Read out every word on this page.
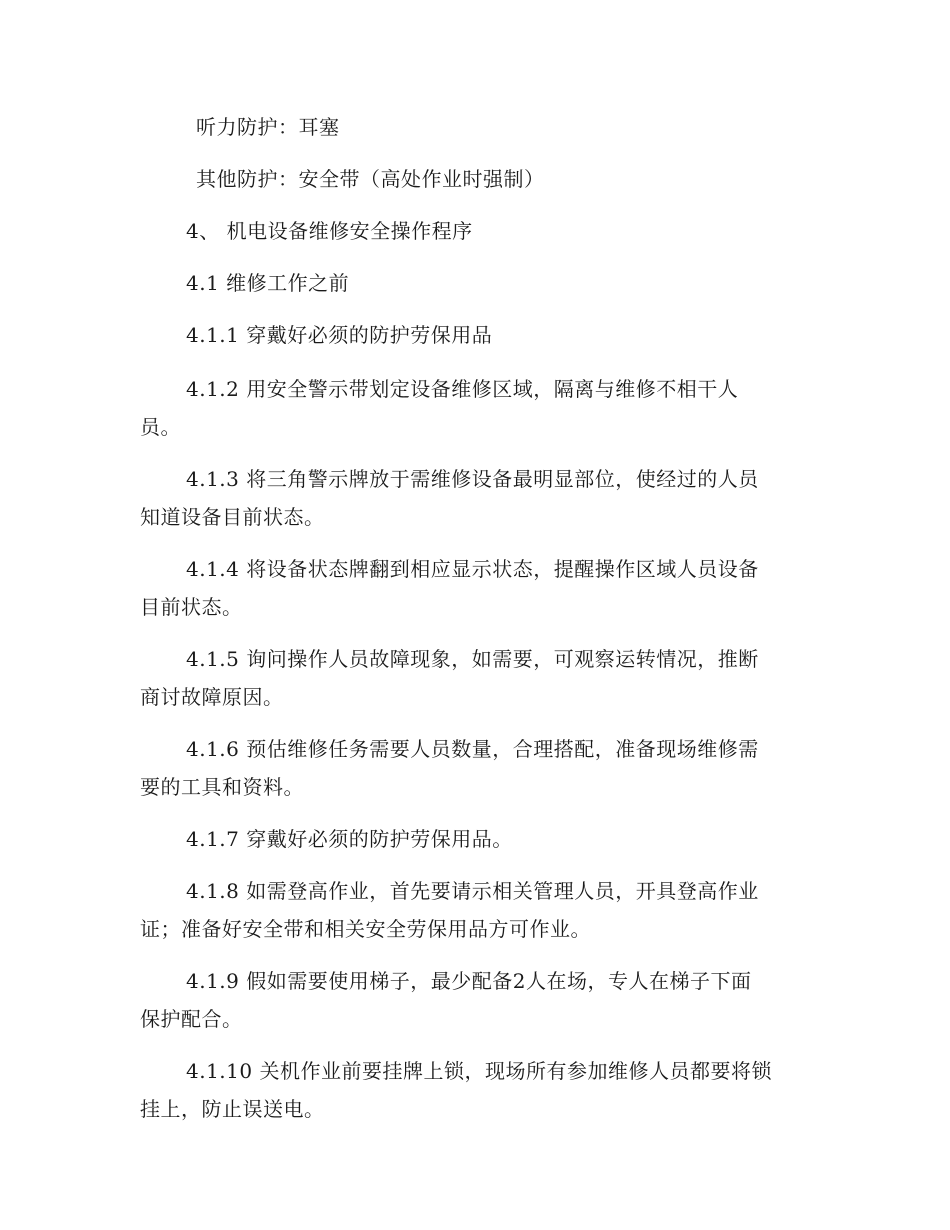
听力防护：耳塞
其他防护：安全带（高处作业时强制）
4、 机电设备维修安全操作程序
4.1 维修工作之前
4.1.1 穿戴好必须的防护劳保用品
4.1.2 用安全警示带划定设备维修区域，隔离与维修不相干人
员。
4.1.3 将三角警示牌放于需维修设备最明显部位，使经过的人员
知道设备目前状态。
4.1.4 将设备状态牌翻到相应显示状态，提醒操作区域人员设备
目前状态。
4.1.5 询问操作人员故障现象，如需要，可观察运转情况，推断
商讨故障原因。
4.1.6 预估维修任务需要人员数量，合理搭配，准备现场维修需
要的工具和资料。
4.1.7 穿戴好必须的防护劳保用品。
4.1.8 如需登高作业，首先要请示相关管理人员，开具登高作业
证；准备好安全带和相关安全劳保用品方可作业。
4.1.9 假如需要使用梯子，最少配备2人在场，专人在梯子下面
保护配合。
4.1.10 关机作业前要挂牌上锁，现场所有参加维修人员都要将锁
挂上，防止误送电。
